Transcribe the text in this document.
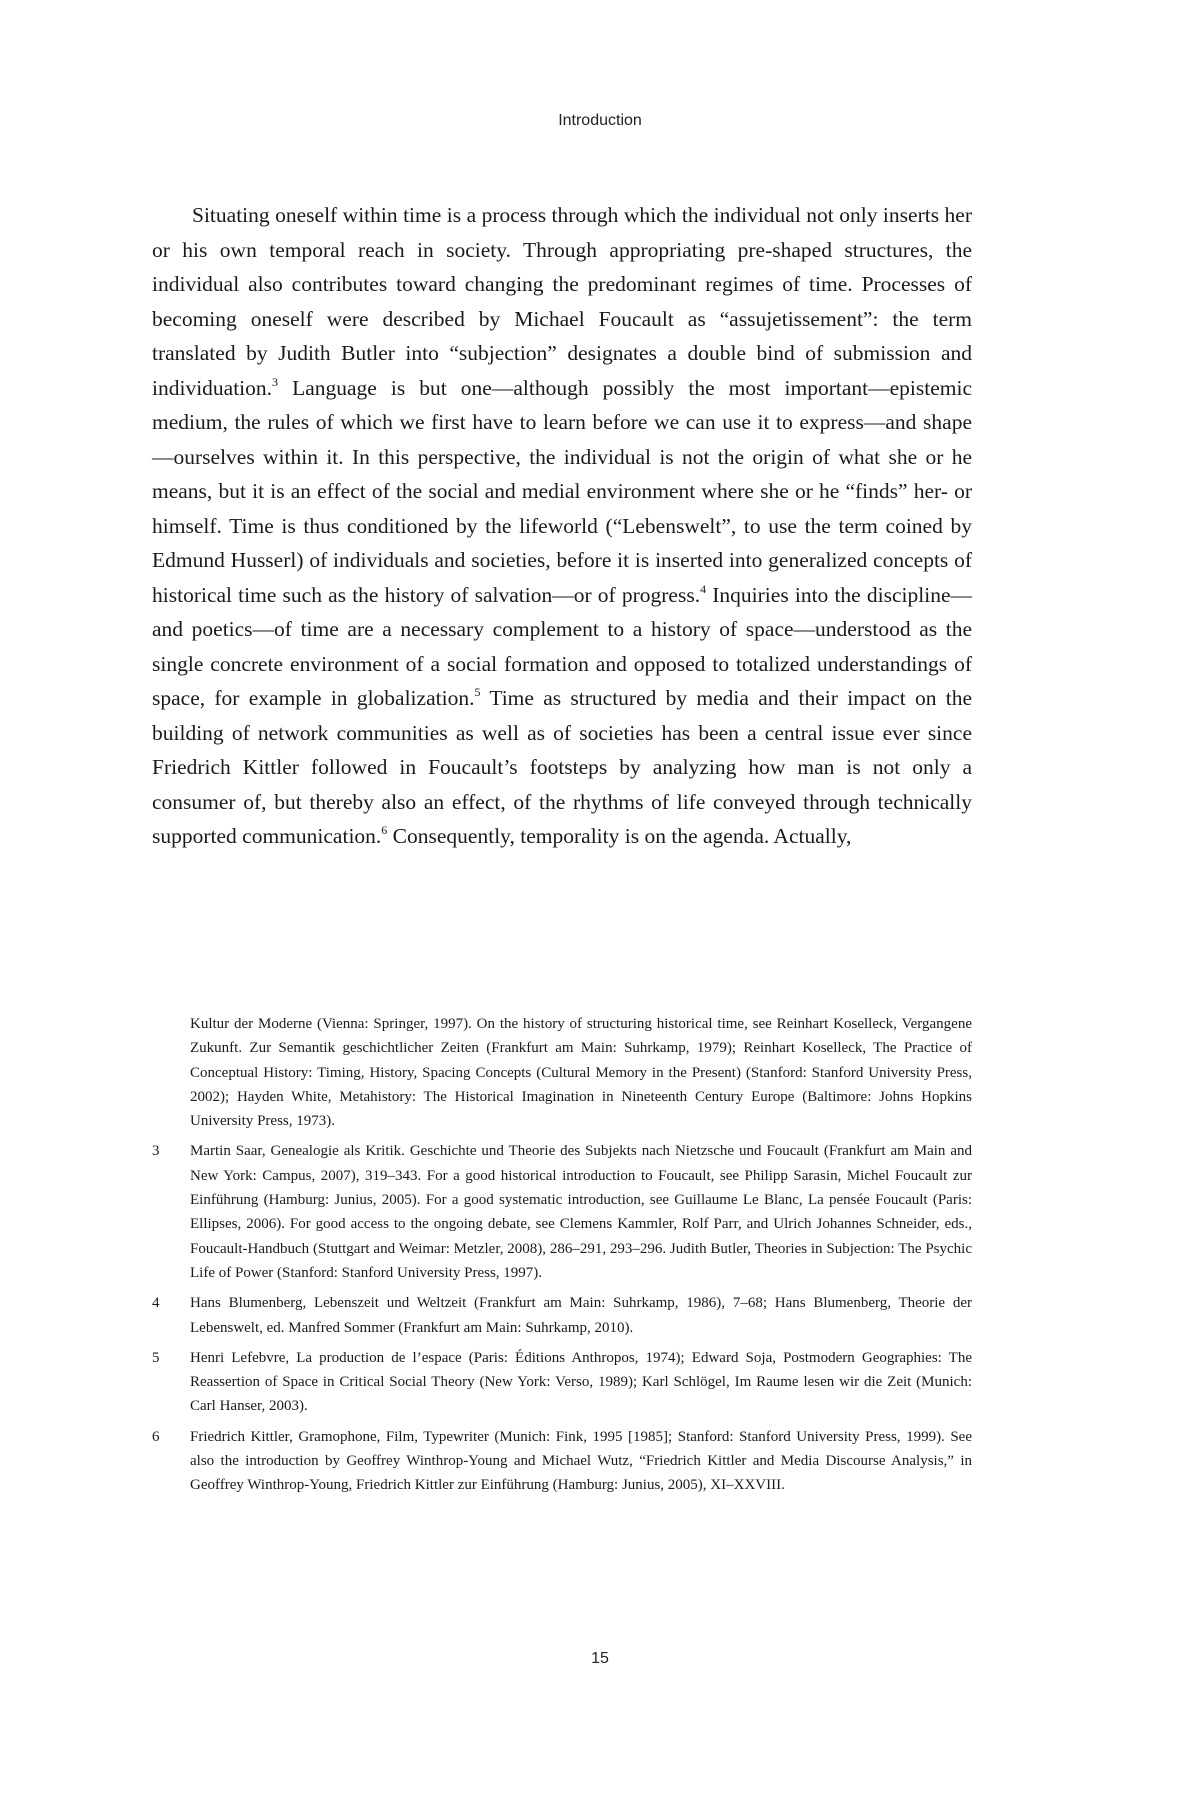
Introduction
Situating oneself within time is a process through which the individual not only inserts her or his own temporal reach in society. Through appropriating pre-shaped structures, the individual also contributes toward changing the predominant regimes of time. Processes of becoming oneself were described by Michael Foucault as “assujetissement”: the term translated by Judith Butler into “subjection” designates a double bind of submission and individuation.$^3$ Language is but one—although possibly the most important—epistemic medium, the rules of which we first have to learn before we can use it to express—and shape—ourselves within it. In this perspective, the individual is not the origin of what she or he means, but it is an effect of the social and medial environment where she or he “finds” her- or himself. Time is thus conditioned by the lifeworld (“Lebenswelt”, to use the term coined by Edmund Husserl) of individuals and societies, before it is inserted into generalized concepts of historical time such as the history of salvation—or of progress.$^4$ Inquiries into the discipline—and poetics—of time are a necessary complement to a history of space—understood as the single concrete environment of a social formation and opposed to totalized understandings of space, for example in globalization.$^5$ Time as structured by media and their impact on the building of network communities as well as of societies has been a central issue ever since Friedrich Kittler followed in Foucault’s footsteps by analyzing how man is not only a consumer of, but thereby also an effect, of the rhythms of life conveyed through technically supported communication.$^6$ Consequently, temporality is on the agenda. Actually,

Kultur der Moderne (Vienna: Springer, 1997). On the history of structuring historical time, see Reinhart Koselleck, Vergangene Zukunft. Zur Semantik geschichtlicher Zeiten (Frankfurt am Main: Suhrkamp, 1979); Reinhart Koselleck, The Practice of Conceptual History: Timing, History, Spacing Concepts (Cultural Memory in the Present) (Stanford: Stanford University Press, 2002); Hayden White, Metahistory: The Historical Imagination in Nineteenth Century Europe (Baltimore: Johns Hopkins University Press, 1973).

3	Martin Saar, Genealogie als Kritik. Geschichte und Theorie des Subjekts nach Nietzsche und Foucault (Frankfurt am Main and New York: Campus, 2007), 319–343. For a good historical introduction to Foucault, see Philipp Sarasin, Michel Foucault zur Einführung (Hamburg: Junius, 2005). For a good systematic introduction, see Guillaume Le Blanc, La pensée Foucault (Paris: Ellipses, 2006). For good access to the ongoing debate, see Clemens Kammler, Rolf Parr, and Ulrich Johannes Schneider, eds., Foucault-Handbuch (Stuttgart and Weimar: Metzler, 2008), 286–291, 293–296. Judith Butler, Theories in Subjection: The Psychic Life of Power (Stanford: Stanford University Press, 1997).
4	Hans Blumenberg, Lebenszeit und Weltzeit (Frankfurt am Main: Suhrkamp, 1986), 7–68; Hans Blumenberg, Theorie der Lebenswelt, ed. Manfred Sommer (Frankfurt am Main: Suhrkamp, 2010).
5	Henri Lefebvre, La production de l’espace (Paris: Éditions Anthropos, 1974); Edward Soja, Postmodern Geographies: The Reassertion of Space in Critical Social Theory (New York: Verso, 1989); Karl Schlögel, Im Raume lesen wir die Zeit (Munich: Carl Hanser, 2003).
6	Friedrich Kittler, Gramophone, Film, Typewriter (Munich: Fink, 1995 [1985]; Stanford: Stanford University Press, 1999). See also the introduction by Geoffrey Winthrop-Young and Michael Wutz, “Friedrich Kittler and Media Discourse Analysis,” in Geoffrey Winthrop-Young, Friedrich Kittler zur Einführung (Hamburg: Junius, 2005), XI–XXVIII.
15
